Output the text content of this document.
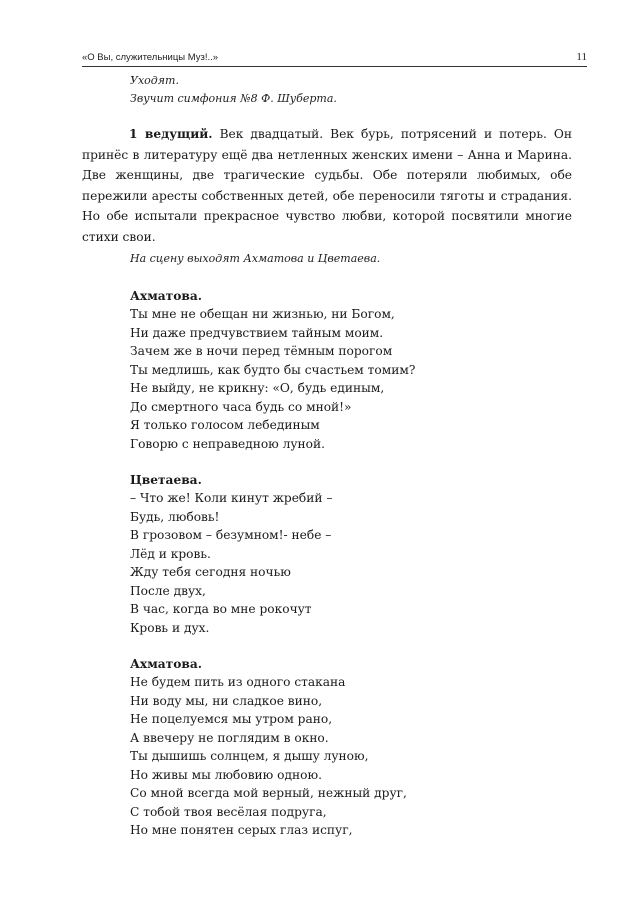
«О Вы, служительницы Муз!..»	11
Уходят.
Звучит симфония №8 Ф. Шуберта.
1 ведущий. Век двадцатый. Век бурь, потрясений и потерь. Он принёс в литературу ещё два нетленных женских имени – Анна и Марина. Две женщины, две трагические судьбы. Обе потеряли любимых, обе пережили аресты собственных детей, обе переносили тяготы и страдания. Но обе испытали прекрасное чувство любви, которой посвятили многие стихи свои.
На сцену выходят Ахматова и Цветаева.
Ахматова.
Ты мне не обещан ни жизнью, ни Богом,
Ни даже предчувствием тайным моим.
Зачем же в ночи перед тёмным порогом
Ты медлишь, как будто бы счастьем томим?
Не выйду, не крикну: «О, будь единым,
До смертного часа будь со мной!»
Я только голосом лебединым
Говорю с неправедною луной.
Цветаева.
– Что же! Коли кинут жребий –
Будь, любовь!
В грозовом – безумном!- небе –
Лёд и кровь.
Жду тебя сегодня ночью
После двух,
В час, когда во мне рокочут
Кровь и дух.
Ахматова.
Не будем пить из одного стакана
Ни воду мы, ни сладкое вино,
Не поцелуемся мы утром рано,
А ввечеру не поглядим в окно.
Ты дышишь солнцем, я дышу луною,
Но живы мы любовию одною.
Со мной всегда мой верный, нежный друг,
С тобой твоя весёлая подруга,
Но мне понятен серых глаз испуг,
